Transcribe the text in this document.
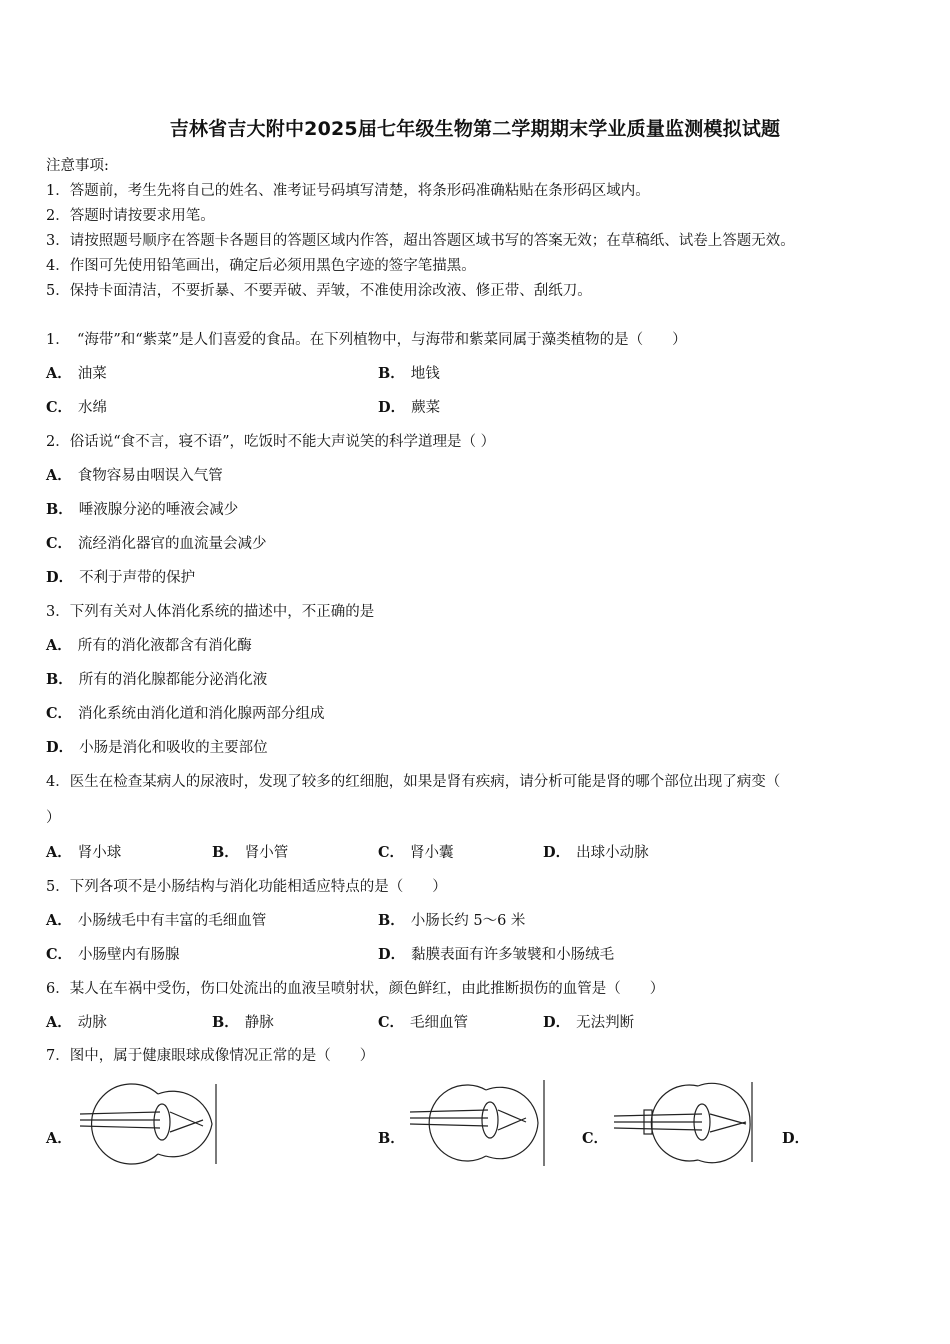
吉林省吉大附中2025届七年级生物第二学期期末学业质量监测模拟试题
注意事项:
1．答题前，考生先将自己的姓名、准考证号码填写清楚，将条形码准确粘贴在条形码区域内。
2．答题时请按要求用笔。
3．请按照题号顺序在答题卡各题目的答题区域内作答，超出答题区域书写的答案无效；在草稿纸、试卷上答题无效。
4．作图可先使用铅笔画出，确定后必须用黑色字迹的签字笔描黑。
5．保持卡面清洁，不要折暴、不要弄破、弄皱，不准使用涂改液、修正带、刮纸刀。
1．　“海带”和“紫菜”是人们喜爱的食品。在下列植物中，与海带和紫菜同属于藻类植物的是（　　）
A． 油菜	B． 地钱
C． 水绵	D． 蕨菜
2．俗话说“食不言，寝不语”，吃饭时不能大声说笑的科学道理是（ ）
A． 食物容易由咽误入气管
B． 唾液腺分泌的唾液会减少
C． 流经消化器官的血流量会减少
D． 不利于声带的保护
3．下列有关对人体消化系统的描述中，不正确的是
A． 所有的消化液都含有消化酶
B． 所有的消化腺都能分泌消化液
C． 消化系统由消化道和消化腺两部分组成
D． 小肠是消化和吸收的主要部位
4．医生在检查某病人的尿液时，发现了较多的红细胞，如果是肾有疾病，请分析可能是肾的哪个部位出现了病变（
）
A． 肾小球	B． 肾小管	C． 肾小囊	D． 出球小动脉
5．下列各项不是小肠结构与消化功能相适应特点的是（　　）
A． 小肠绒毛中有丰富的毛细血管	B． 小肠长约 5～6 米
C． 小肠壁内有肠腺	D． 黏膜表面有许多皱襞和小肠绒毛
6．某人在车祸中受伤，伤口处流出的血液呈喷射状，颜色鲜红，由此推断损伤的血管是（　　）
A． 动脉	B． 静脉	C． 毛细血管	D． 无法判断
7．图中，属于健康眼球成像情况正常的是（　　）
A．	B．	C．	D．
